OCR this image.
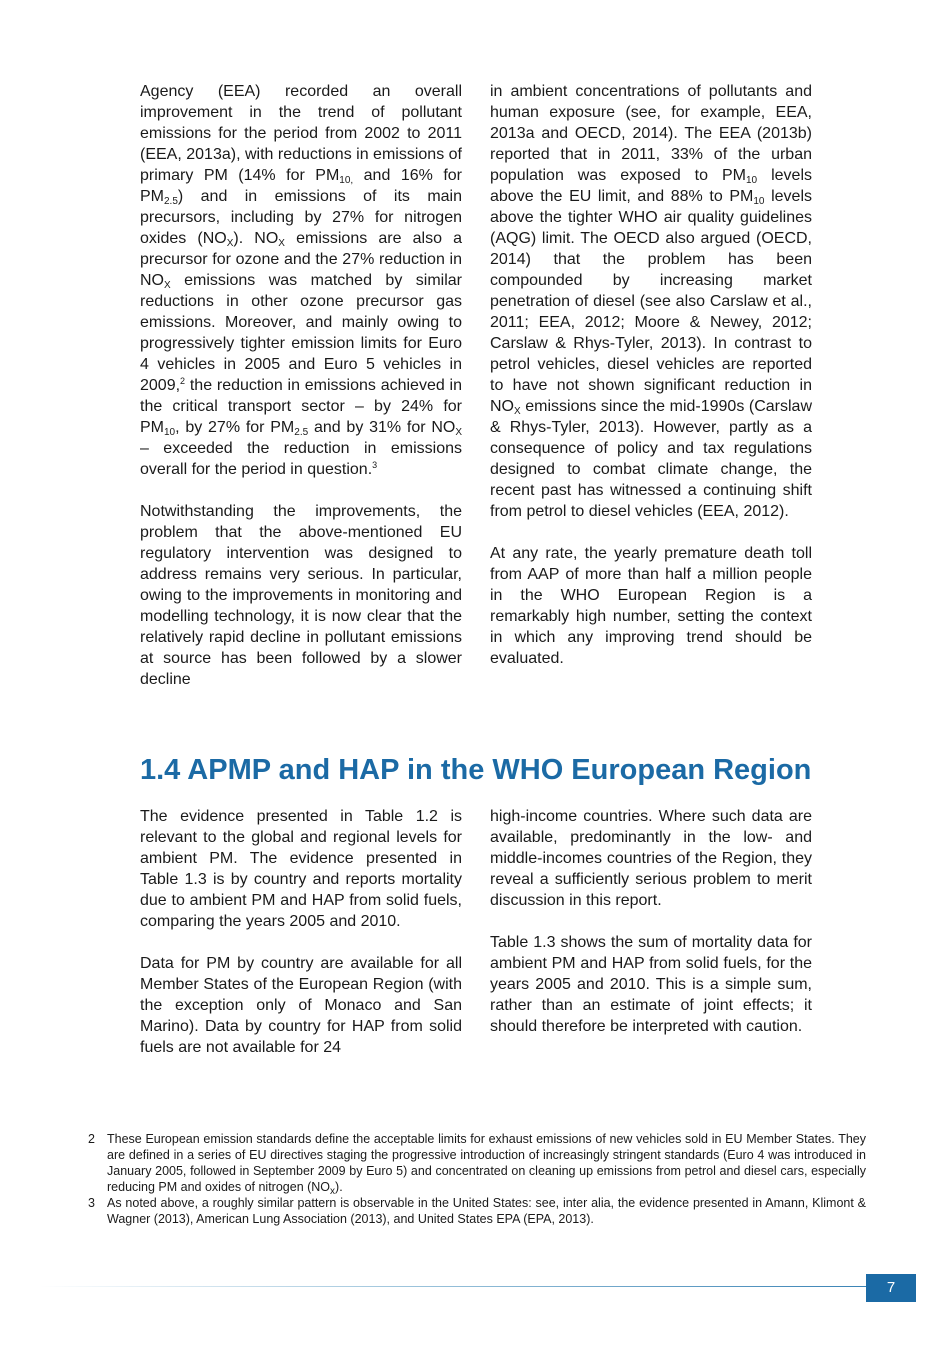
Agency (EEA) recorded an overall improvement in the trend of pollutant emissions for the period from 2002 to 2011 (EEA, 2013a), with reductions in emissions of primary PM (14% for $PM_{10,}$ and 16% for $PM_{2.5}$) and in emissions of its main precursors, including by 27% for nitrogen oxides $(NO_X)$. $NO_X$ emissions are also a precursor for ozone and the 27% reduction in $NO_X$ emissions was matched by similar reductions in other ozone precursor gas emissions. Moreover, and mainly owing to progressively tighter emission limits for Euro 4 vehicles in 2005 and Euro 5 vehicles in 2009,$^2$ the reduction in emissions achieved in the critical transport sector – by 24% for $PM_{10}$, by 27% for $PM_{2.5}$ and by 31% for $NO_X$ – exceeded the reduction in emissions overall for the period in question.$^3$

Notwithstanding the improvements, the problem that the above-mentioned EU regulatory intervention was designed to address remains very serious. In particular, owing to the improvements in monitoring and modelling technology, it is now clear that the relatively rapid decline in pollutant emissions at source has been followed by a slower decline

in ambient concentrations of pollutants and human exposure (see, for example, EEA, 2013a and OECD, 2014). The EEA (2013b) reported that in 2011, 33% of the urban population was exposed to $PM_{10}$ levels above the EU limit, and 88% to $PM_{10}$ levels above the tighter WHO air quality guidelines (AQG) limit. The OECD also argued (OECD, 2014) that the problem has been compounded by increasing market penetration of diesel (see also Carslaw et al., 2011; EEA, 2012; Moore & Newey, 2012; Carslaw & Rhys-Tyler, 2013). In contrast to petrol vehicles, diesel vehicles are reported to have not shown significant reduction in $NO_X$ emissions since the mid-1990s (Carslaw & Rhys-Tyler, 2013). However, partly as a consequence of policy and tax regulations designed to combat climate change, the recent past has witnessed a continuing shift from petrol to diesel vehicles (EEA, 2012).

At any rate, the yearly premature death toll from AAP of more than half a million people in the WHO European Region is a remarkably high number, setting the context in which any improving trend should be evaluated.

1.4 APMP and HAP in the WHO European Region

The evidence presented in Table 1.2 is relevant to the global and regional levels for ambient PM. The evidence presented in Table 1.3 is by country and reports mortality due to ambient PM and HAP from solid fuels, comparing the years 2005 and 2010.

Data for PM by country are available for all Member States of the European Region (with the exception only of Monaco and San Marino). Data by country for HAP from solid fuels are not available for 24

high-income countries. Where such data are available, predominantly in the low- and middle-incomes countries of the Region, they reveal a sufficiently serious problem to merit discussion in this report.

Table 1.3 shows the sum of mortality data for ambient PM and HAP from solid fuels, for the years 2005 and 2010. This is a simple sum, rather than an estimate of joint effects; it should therefore be interpreted with caution.

2 These European emission standards define the acceptable limits for exhaust emissions of new vehicles sold in EU Member States. They are defined in a series of EU directives staging the progressive introduction of increasingly stringent standards (Euro 4 was introduced in January 2005, followed in September 2009 by Euro 5) and concentrated on cleaning up emissions from petrol and diesel cars, especially reducing PM and oxides of nitrogen $(NO_x)$.
3 As noted above, a roughly similar pattern is observable in the United States: see, inter alia, the evidence presented in Amann, Klimont & Wagner (2013), American Lung Association (2013), and United States EPA (EPA, 2013).
7
